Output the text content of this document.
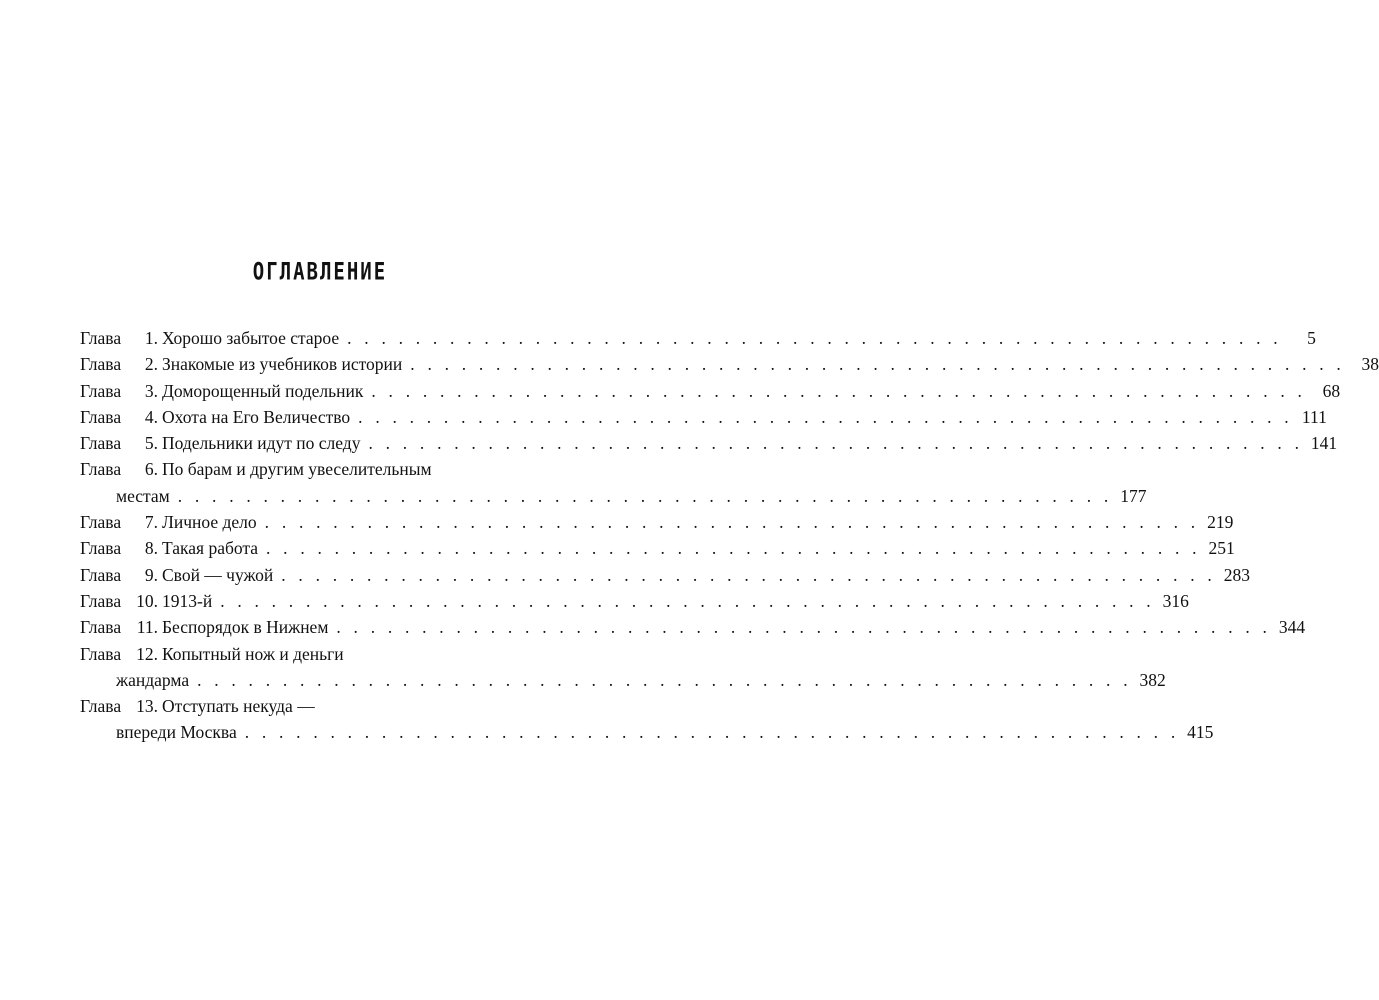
ОГЛАВЛЕНИЕ
Глава	1. Хорошо забытое старое . . . . . . . . . . . . . . . . . . . . . . . . . . . . . . . . . . . . . . . . . . . . . . . . . . . . . . .	5
Глава	2. Знакомые из учебников истории . . . . . . . . . . . . . . . . . . . . . . . . . . . . . . . . . . . . . . . . . . . . . . . . . . . . . . . 38
Глава	3. Доморощенный подельник . . . . . . . . . . . . . . . . . . . . . . . . . . . . . . . . . . . . . . . . . . . . . . . . . . . . . . . 68
Глава	4. Охота на Его Величество . . . . . . . . . . . . . . . . . . . . . . . . . . . . . . . . . . . . . . . . . . . . . . . . . . . . . . . 111
Глава	5. Подельники идут по следу . . . . . . . . . . . . . . . . . . . . . . . . . . . . . . . . . . . . . . . . . . . . . . . . . . . . . . . 141
Глава	6. По барам и другим увеселительным
местам . . . . . . . . . . . . . . . . . . . . . . . . . . . . . . . . . . . . . . . . . . . . . . . . . . . . . . . 177
Глава	7. Личное дело . . . . . . . . . . . . . . . . . . . . . . . . . . . . . . . . . . . . . . . . . . . . . . . . . . . . . . . 219
Глава	8. Такая работа . . . . . . . . . . . . . . . . . . . . . . . . . . . . . . . . . . . . . . . . . . . . . . . . . . . . . . . 251
Глава	9. Свой — чужой . . . . . . . . . . . . . . . . . . . . . . . . . . . . . . . . . . . . . . . . . . . . . . . . . . . . . . . 283
Глава 10. 1913-й . . . . . . . . . . . . . . . . . . . . . . . . . . . . . . . . . . . . . . . . . . . . . . . . . . . . . . . 316
Глава 11. Беспорядок в Нижнем . . . . . . . . . . . . . . . . . . . . . . . . . . . . . . . . . . . . . . . . . . . . . . . . . . . . . . . 344
Глава 12. Копытный нож и деньги
жандарма . . . . . . . . . . . . . . . . . . . . . . . . . . . . . . . . . . . . . . . . . . . . . . . . . . . . . . . 382
Глава 13. Отступать некуда —
впереди Москва . . . . . . . . . . . . . . . . . . . . . . . . . . . . . . . . . . . . . . . . . . . . . . . . . . . . . . . 415
